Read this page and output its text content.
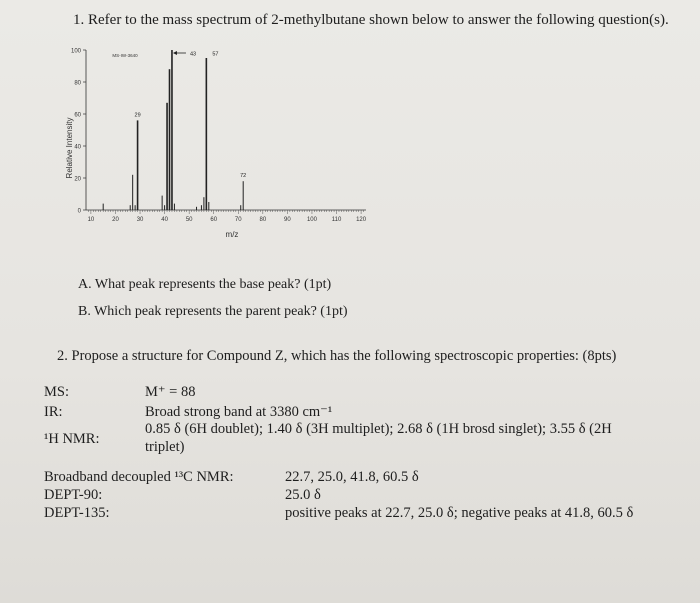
1. Refer to the mass spectrum of 2-methylbutane shown below to answer the following question(s).
Relative Intensity
m/z
MS-IW-3640
0
20
40
60
80
100
10	20	30	40	50	60	70	80	90	100 110 120
43	57
29
72
A. What peak represents the base peak? (1pt)
B. Which peak represents the parent peak? (1pt)
2. Propose a structure for Compound Z, which has the following spectroscopic properties: (8pts)
MS:	M⁺ = 88
IR:	Broad strong band at 3380 cm⁻¹
¹H NMR:
0.85 δ (6H doublet); 1.40 δ (3H multiplet); 2.68 δ (1H brosd singlet); 3.55 δ (2H
triplet)
Broadband decoupled ¹³C NMR:	22.7, 25.0, 41.8, 60.5 δ
DEPT-90:	25.0 δ
DEPT-135:	positive peaks at 22.7, 25.0 δ; negative peaks at 41.8, 60.5 δ
